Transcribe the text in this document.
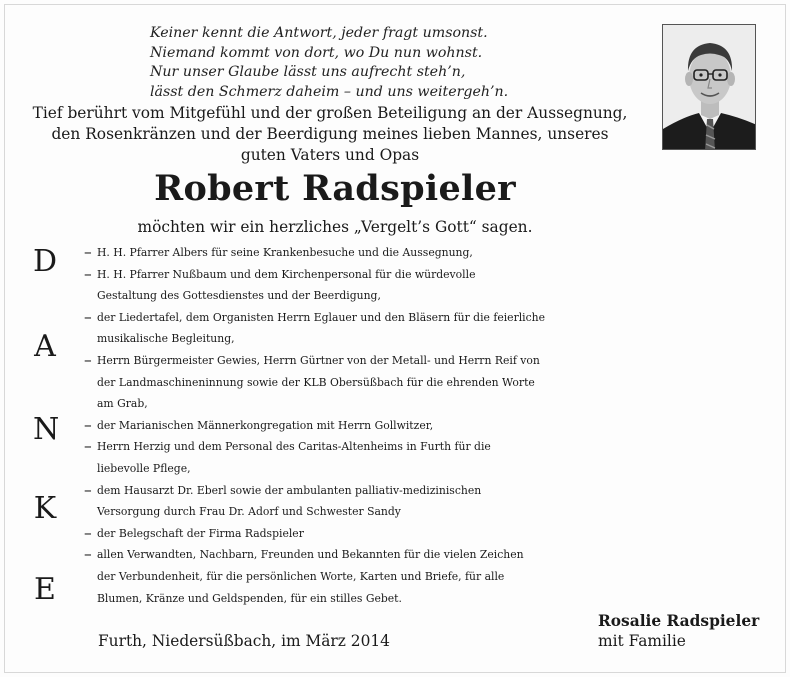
Keiner kennt die Antwort, jeder fragt umsonst.
Niemand kommt von dort, wo Du nun wohnst.
Nur unser Glaube lässt uns aufrecht steh’n,
lässt den Schmerz daheim – und uns weitergeh’n.
Tief berührt vom Mitgefühl und der großen Beteiligung an der Aussegnung,
den Rosenkränzen und der Beerdigung meines lieben Mannes, unseres
guten Vaters und Opas
Robert Radspieler
möchten wir ein herzliches „Vergelt’s Gott“ sagen.
D
A
N
K
E
– H. H. Pfarrer Albers für seine Krankenbesuche und die Aussegnung,
– H. H. Pfarrer Nußbaum und dem Kirchenpersonal für die würdevolle
Gestaltung des Gottesdienstes und der Beerdigung,
– der Liedertafel, dem Organisten Herrn Eglauer und den Bläsern für die feierliche
musikalische Begleitung,
– Herrn Bürgermeister Gewies, Herrn Gürtner von der Metall- und Herrn Reif von
der Landmaschineninnung sowie der KLB Obersüßbach für die ehrenden Worte
am Grab,
– der Marianischen Männerkongregation mit Herrn Gollwitzer,
– Herrn Herzig und dem Personal des Caritas-Altenheims in Furth für die
liebevolle Pflege,
– dem Hausarzt Dr. Eberl sowie der ambulanten palliativ-medizinischen
Versorgung durch Frau Dr. Adorf und Schwester Sandy
– der Belegschaft der Firma Radspieler
– allen Verwandten, Nachbarn, Freunden und Bekannten für die vielen Zeichen
der Verbundenheit, für die persönlichen Worte, Karten und Briefe, für alle
Blumen, Kränze und Geldspenden, für ein stilles Gebet.
Rosalie Radspieler
mit Familie
Furth, Niedersüßbach, im März 2014
